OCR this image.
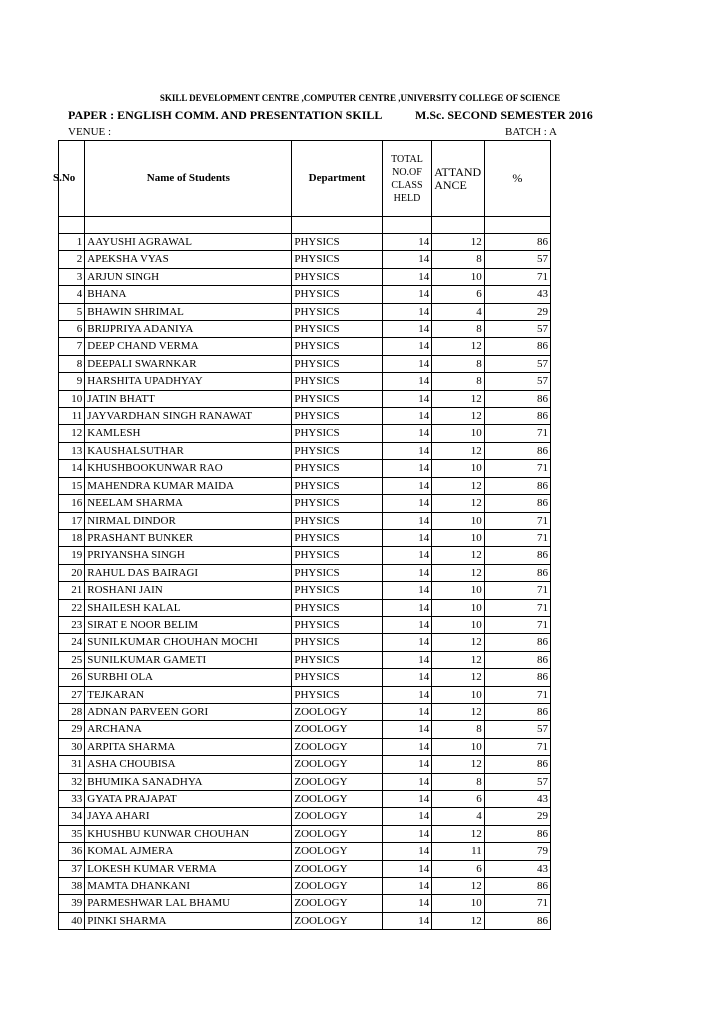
SKILL DEVELOPMENT CENTRE ,COMPUTER CENTRE ,UNIVERSITY COLLEGE OF SCIENCE
PAPER : ENGLISH COMM. AND PRESENTATION SKILL	M.Sc. SECOND SEMESTER 2016
VENUE :	BATCH : A
S.No	Name of Students	Department	TOTAL NO.OF CLASS HELD	ATTANDANCE	%

1	AAYUSHI AGRAWAL	PHYSICS	14	12	86
2	APEKSHA VYAS	PHYSICS	14	8	57
3	ARJUN SINGH	PHYSICS	14	10	71
4	BHANA	PHYSICS	14	6	43
5	BHAWIN SHRIMAL	PHYSICS	14	4	29
6	BRIJPRIYA ADANIYA	PHYSICS	14	8	57
7	DEEP CHAND VERMA	PHYSICS	14	12	86
8	DEEPALI SWARNKAR	PHYSICS	14	8	57
9	HARSHITA UPADHYAY	PHYSICS	14	8	57
10	JATIN BHATT	PHYSICS	14	12	86
11	JAYVARDHAN SINGH RANAWAT	PHYSICS	14	12	86
12	KAMLESH	PHYSICS	14	10	71
13	KAUSHALSUTHAR	PHYSICS	14	12	86
14	KHUSHBOOKUNWAR RAO	PHYSICS	14	10	71
15	MAHENDRA KUMAR MAIDA	PHYSICS	14	12	86
16	NEELAM SHARMA	PHYSICS	14	12	86
17	NIRMAL DINDOR	PHYSICS	14	10	71
18	PRASHANT BUNKER	PHYSICS	14	10	71
19	PRIYANSHA SINGH	PHYSICS	14	12	86
20	RAHUL DAS BAIRAGI	PHYSICS	14	12	86
21	ROSHANI JAIN	PHYSICS	14	10	71
22	SHAILESH KALAL	PHYSICS	14	10	71
23	SIRAT E NOOR BELIM	PHYSICS	14	10	71
24	SUNILKUMAR CHOUHAN MOCHI	PHYSICS	14	12	86
25	SUNILKUMAR GAMETI	PHYSICS	14	12	86
26	SURBHI OLA	PHYSICS	14	12	86
27	TEJKARAN	PHYSICS	14	10	71
28	ADNAN PARVEEN GORI	ZOOLOGY	14	12	86
29	ARCHANA	ZOOLOGY	14	8	57
30	ARPITA SHARMA	ZOOLOGY	14	10	71
31	ASHA CHOUBISA	ZOOLOGY	14	12	86
32	BHUMIKA SANADHYA	ZOOLOGY	14	8	57
33	GYATA PRAJAPAT	ZOOLOGY	14	6	43
34	JAYA AHARI	ZOOLOGY	14	4	29
35	KHUSHBU KUNWAR CHOUHAN	ZOOLOGY	14	12	86
36	KOMAL AJMERA	ZOOLOGY	14	11	79
37	LOKESH KUMAR VERMA	ZOOLOGY	14	6	43
38	MAMTA DHANKANI	ZOOLOGY	14	12	86
39	PARMESHWAR LAL BHAMU	ZOOLOGY	14	10	71
40	PINKI SHARMA	ZOOLOGY	14	12	86
